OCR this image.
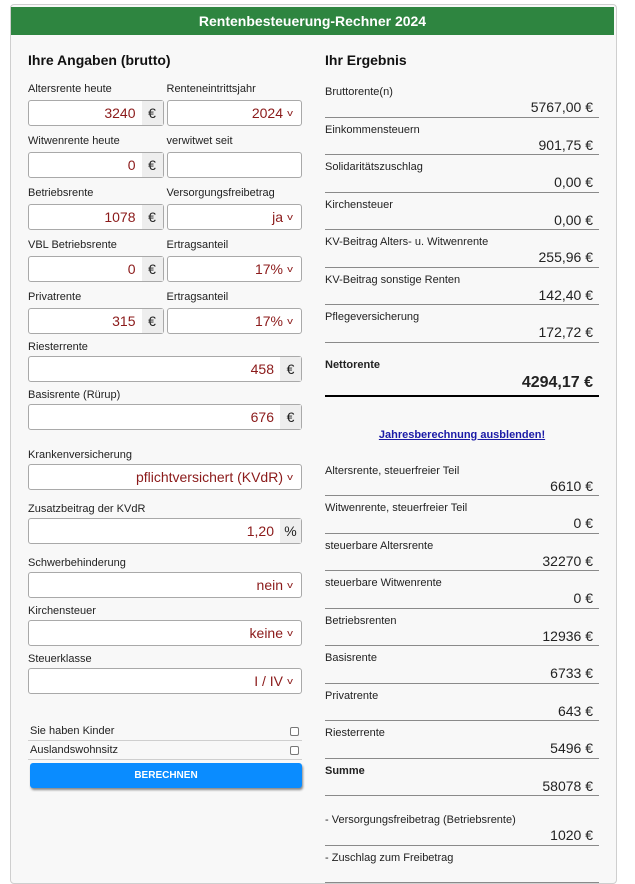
Rentenbesteuerung-Rechner 2024
Ihre Angaben (brutto)
Altersrente heute
3240 €
Renteneintrittsjahr
2024 v
Witwenrente heute
0 €
verwitwet seit
Betriebsrente
1078 €
Versorgungsfreibetrag
ja v
VBL Betriebsrente
0 €
Ertragsanteil
17% v
Privatrente
315 €
Ertragsanteil
17% v
Riesterrente
458 €
Basisrente (Rürup)
676 €
Krankenversicherung
pflichtversichert (KVdR) v
Zusatzbeitrag der KVdR
1,20 %
Schwerbehinderung
nein v
Kirchensteuer
keine v
Steuerklasse
I / IV v
Sie haben Kinder
Auslandswohnsitz
BERECHNEN
Ihr Ergebnis
Bruttorente(n)
5767,00 €
Einkommensteuern
901,75 €
Solidaritätszuschlag
0,00 €
Kirchensteuer
0,00 €
KV-Beitrag Alters- u. Witwenrente
255,96 €
KV-Beitrag sonstige Renten
142,40 €
Pflegeversicherung
172,72 €
Nettorente
4294,17 €
Jahresberechnung ausblenden!
Altersrente, steuerfreier Teil
6610 €
Witwenrente, steuerfreier Teil
0 €
steuerbare Altersrente
32270 €
steuerbare Witwenrente
0 €
Betriebsrenten
12936 €
Basisrente
6733 €
Privatrente
643 €
Riesterrente
5496 €
Summe
58078 €
- Versorgungsfreibetrag (Betriebsrente)
1020 €
- Zuschlag zum Freibetrag
